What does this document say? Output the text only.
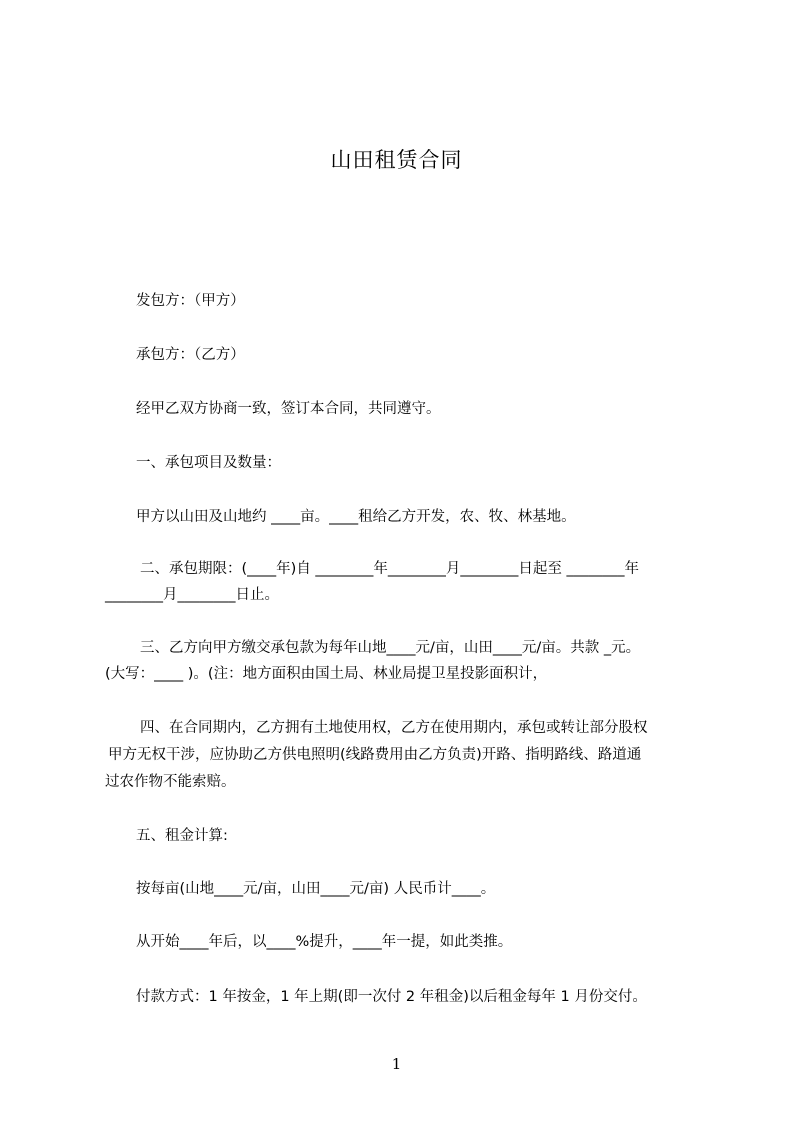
山田租赁合同
发包方：（甲方）
承包方：（乙方）
经甲乙双方协商一致，签订本合同，共同遵守。
一、承包项目及数量：
甲方以山田及山地约 ____亩。____租给乙方开发，农、牧、林基地。
二、承包期限：(____年)自 ________年________月________日起至 ________年
________月________日止。
三、乙方向甲方缴交承包款为每年山地____元/亩，山田____元/亩。共款 _元。
(大写：____ )。(注：地方面积由国土局、林业局提卫星投影面积计，
四、在合同期内，乙方拥有土地使用权，乙方在使用期内，承包或转让部分股权
甲方无权干涉，应协助乙方供电照明(线路费用由乙方负责)开路、指明路线、路道通
过农作物不能索赔。
五、租金计算:
按每亩(山地____元/亩，山田____元/亩) 人民币计____。
从开始____年后，以____%提升，____年一提，如此类推。
付款方式：1 年按金，1 年上期(即一次付 2 年租金)以后租金每年 1 月份交付。
1
